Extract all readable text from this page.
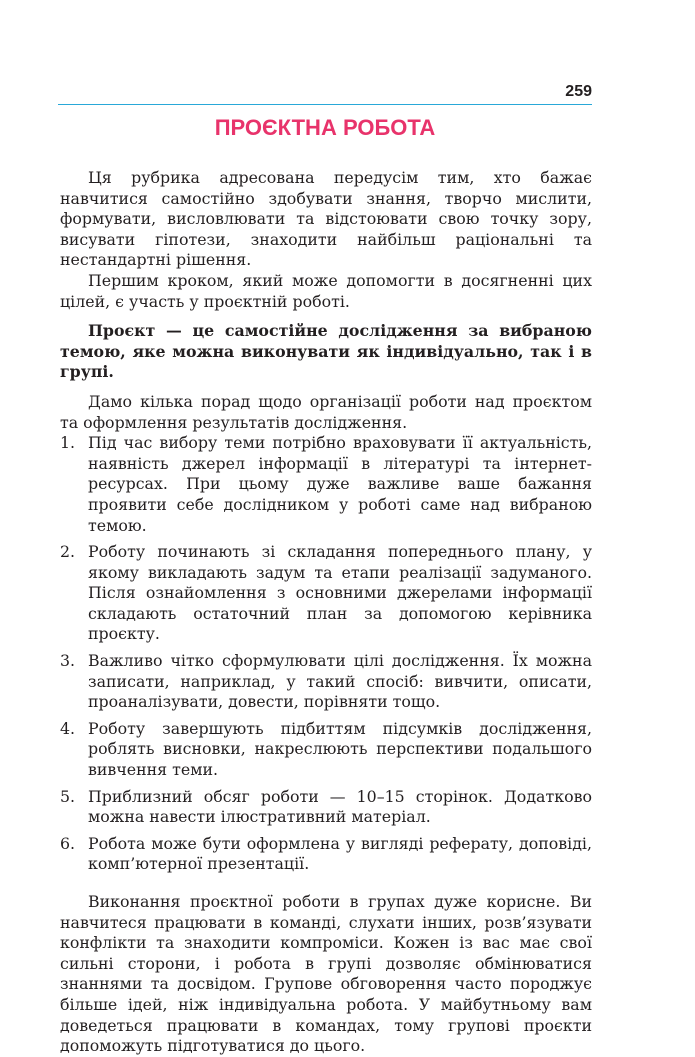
259
ПРОЄКТНА РОБОТА

Ця рубрика адресована передусім тим, хто бажає навчитися самостійно здобувати знання, творчо мислити, формувати, висловлювати та відстоювати свою точку зору, висувати гіпотези, знаходити найбільш раціональні та нестандартні рішення.

Першим кроком, який може допомогти в досягненні цих цілей, є участь у проєктній роботі.

Проєкт — це самостійне дослідження за вибраною темою, яке можна виконувати як індивідуально, так і в групі.

Дамо кілька порад щодо організації роботи над проєктом та оформлення результатів дослідження.

1. Під час вибору теми потрібно враховувати її актуальність, наявність джерел інформації в літературі та інтернет-ресурсах. При цьому дуже важливе ваше бажання проявити себе дослідником у роботі саме над вибраною темою.
2. Роботу починають зі складання попереднього плану, у якому викладають задум та етапи реалізації задуманого. Після ознайомлення з основними джерелами інформації складають остаточний план за допомогою керівника проєкту.
3. Важливо чітко сформулювати цілі дослідження. Їх можна записати, наприклад, у такий спосіб: вивчити, описати, проаналізувати, довести, порівняти тощо.
4. Роботу завершують підбиттям підсумків дослідження, роблять висновки, накреслюють перспективи подальшого вивчення теми.
5. Приблизний обсяг роботи — 10–15 сторінок. Додатково можна навести ілюстративний матеріал.
6. Робота може бути оформлена у вигляді реферату, доповіді, комп’ютерної презентації.

Виконання проєктної роботи в групах дуже корисне. Ви навчитеся працювати в команді, слухати інших, розв’язувати конфлікти та знаходити компроміси. Кожен із вас має свої сильні сторони, і робота в групі дозволяє обмінюватися знаннями та досвідом. Групове обговорення часто породжує більше ідей, ніж індивідуальна робота. У майбутньому вам доведеться працювати в командах, тому групові проєкти допоможуть підготуватися до цього.
